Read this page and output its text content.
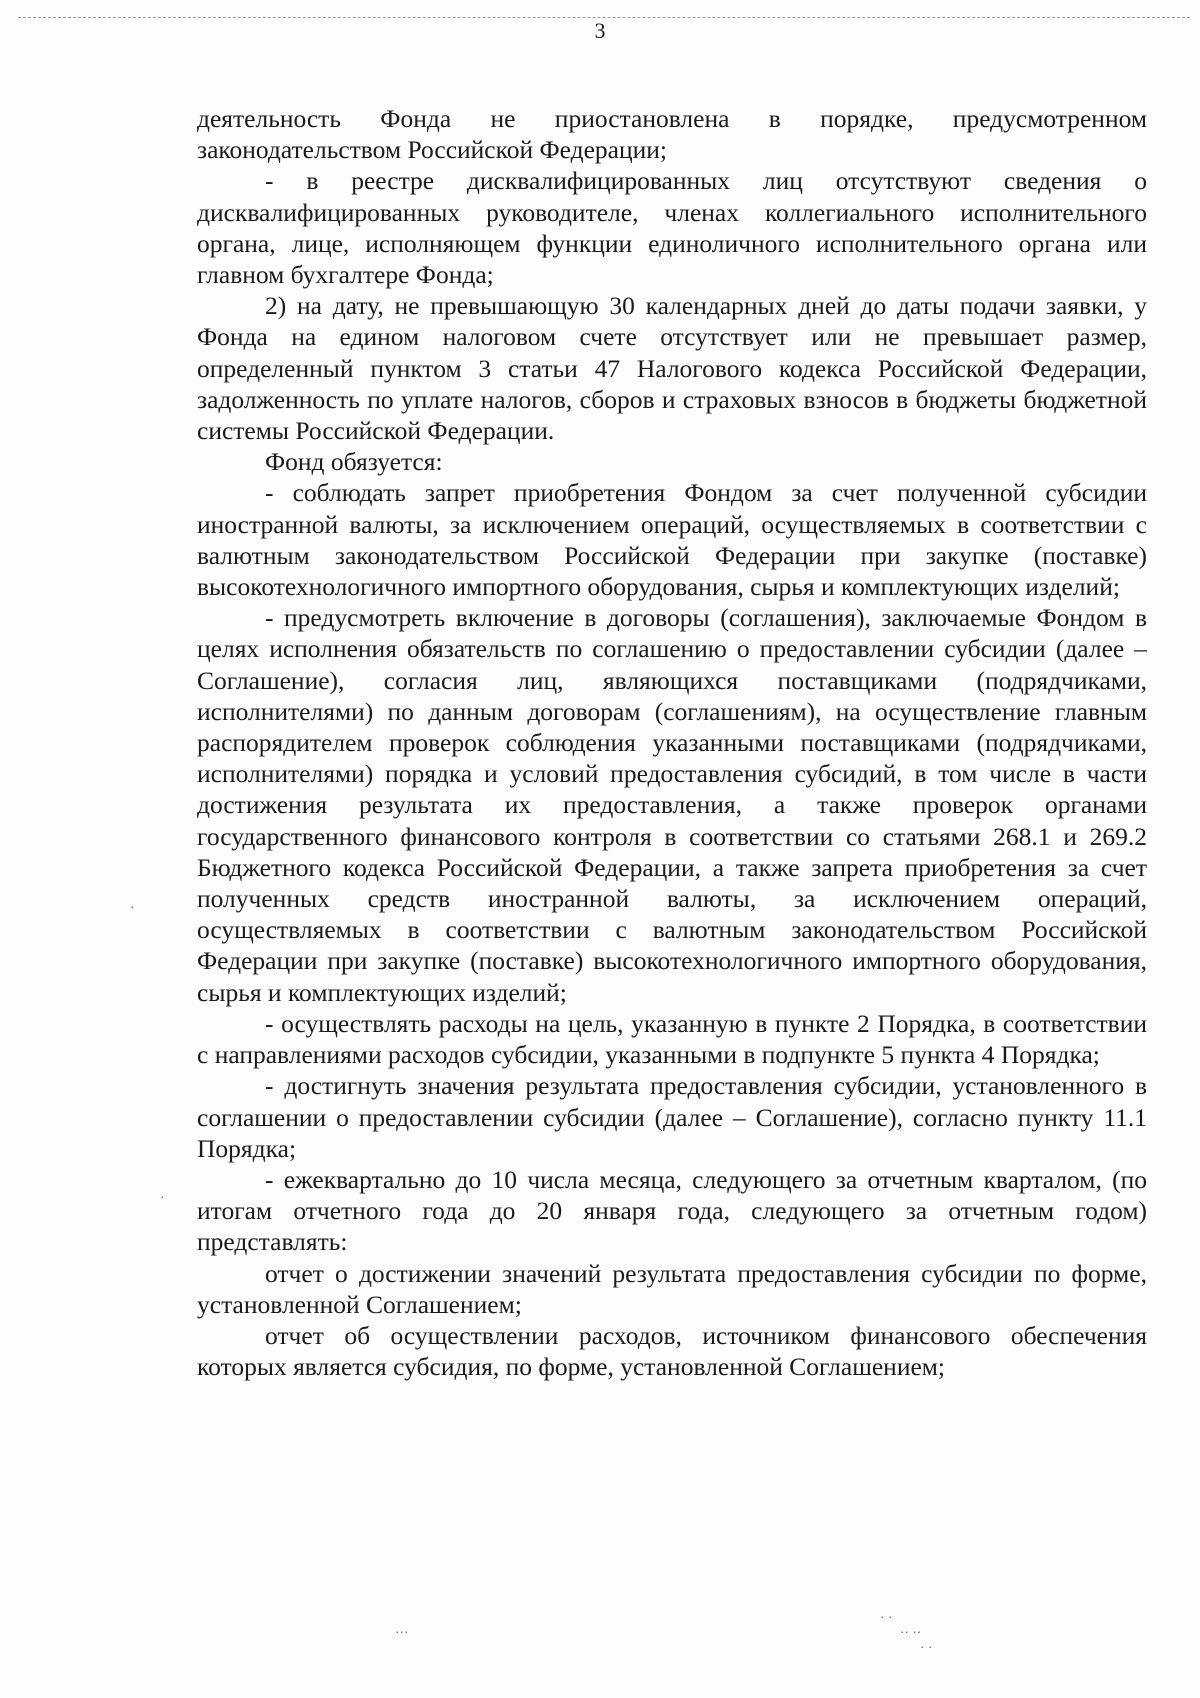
3

деятельность Фонда не приостановлена в порядке, предусмотренном законодательством Российской Федерации;

- в реестре дисквалифицированных лиц отсутствуют сведения о дисквалифицированных руководителе, членах коллегиального исполнительного органа, лице, исполняющем функции единоличного исполнительного органа или главном бухгалтере Фонда;

2) на дату, не превышающую 30 календарных дней до даты подачи заявки, у Фонда на едином налоговом счете отсутствует или не превышает размер, определенный пунктом 3 статьи 47 Налогового кодекса Российской Федерации, задолженность по уплате налогов, сборов и страховых взносов в бюджеты бюджетной системы Российской Федерации.

Фонд обязуется:

- соблюдать запрет приобретения Фондом за счет полученной субсидии иностранной валюты, за исключением операций, осуществляемых в соответствии с валютным законодательством Российской Федерации при закупке (поставке) высокотехнологичного импортного оборудования, сырья и комплектующих изделий;

- предусмотреть включение в договоры (соглашения), заключаемые Фондом в целях исполнения обязательств по соглашению о предоставлении субсидии (далее – Соглашение), согласия лиц, являющихся поставщиками (подрядчиками, исполнителями) по данным договорам (соглашениям), на осуществление главным распорядителем проверок соблюдения указанными поставщиками (подрядчиками, исполнителями) порядка и условий предоставления субсидий, в том числе в части достижения результата их предоставления, а также проверок органами государственного финансового контроля в соответствии со статьями 268.1 и 269.2 Бюджетного кодекса Российской Федерации, а также запрета приобретения за счет полученных средств иностранной валюты, за исключением операций, осуществляемых в соответствии с валютным законодательством Российской Федерации при закупке (поставке) высокотехнологичного импортного оборудования, сырья и комплектующих изделий;

- осуществлять расходы на цель, указанную в пункте 2 Порядка, в соответствии с направлениями расходов субсидии, указанными в подпункте 5 пункта 4 Порядка;

- достигнуть значения результата предоставления субсидии, установленного в соглашении о предоставлении субсидии (далее – Соглашение), согласно пункту 11.1 Порядка;

- ежеквартально до 10 числа месяца, следующего за отчетным кварталом, (по итогам отчетного года до 20 января года, следующего за отчетным годом) представлять:

отчет о достижении значений результата предоставления субсидии по форме, установленной Соглашением;

отчет об осуществлении расходов, источником финансового обеспечения которых является субсидия, по форме, установленной Соглашением;

⋅⋅⋅
⋅ ⋅
⋅⋅ ⋅⋅
⋅ ⋅
⋅
⋅
